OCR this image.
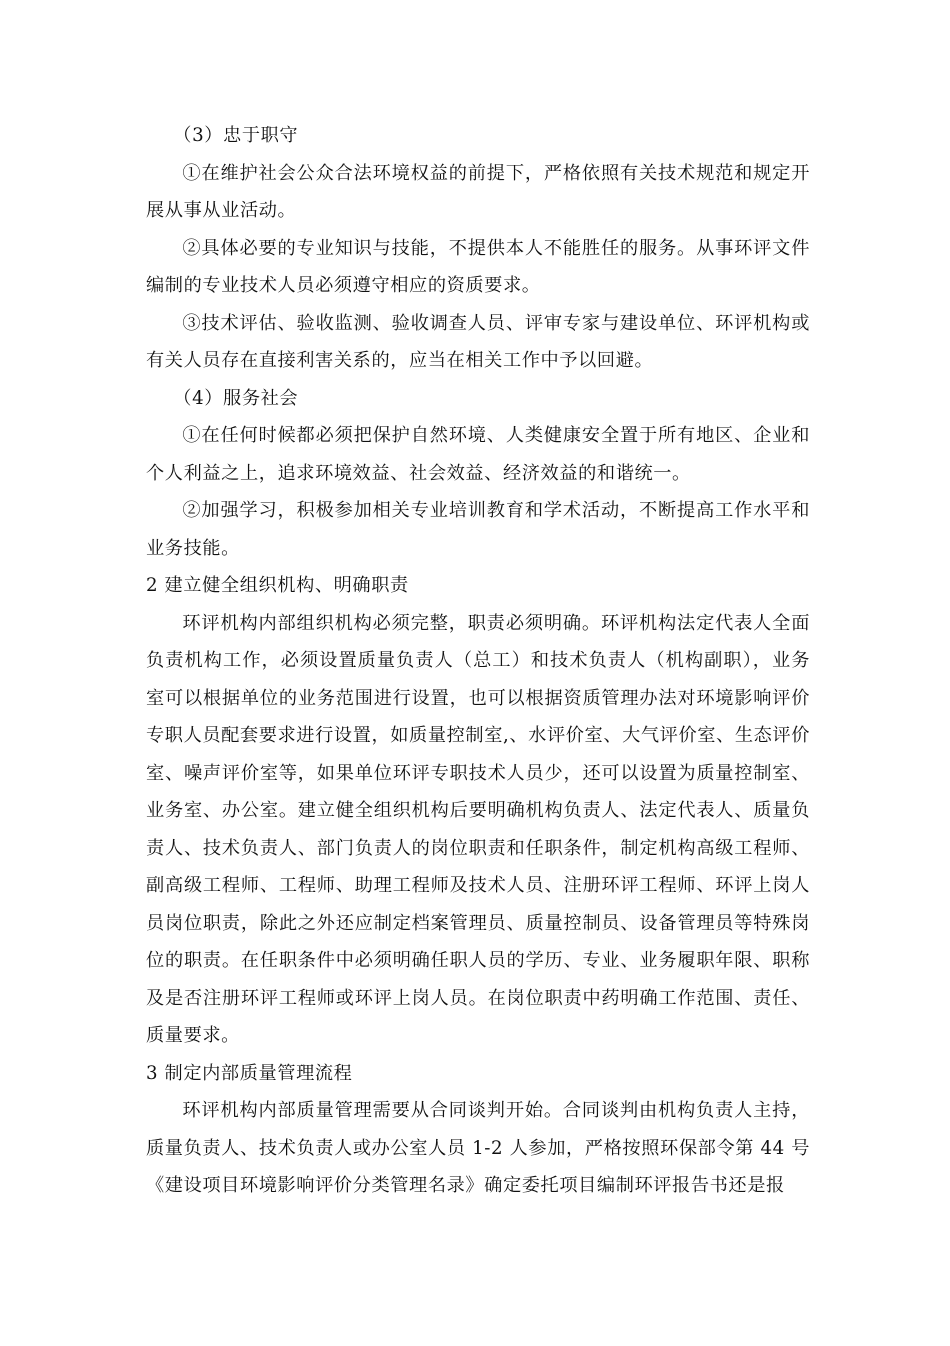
（3）忠于职守

①在维护社会公众合法环境权益的前提下，严格依照有关技术规范和规定开展从事从业活动。

②具体必要的专业知识与技能，不提供本人不能胜任的服务。从事环评文件编制的专业技术人员必须遵守相应的资质要求。

③技术评估、验收监测、验收调查人员、评审专家与建设单位、环评机构或有关人员存在直接利害关系的，应当在相关工作中予以回避。

（4）服务社会

①在任何时候都必须把保护自然环境、人类健康安全置于所有地区、企业和个人利益之上，追求环境效益、社会效益、经济效益的和谐统一。

②加强学习，积极参加相关专业培训教育和学术活动，不断提高工作水平和业务技能。

2 建立健全组织机构、明确职责

环评机构内部组织机构必须完整，职责必须明确。环评机构法定代表人全面负责机构工作，必须设置质量负责人（总工）和技术负责人（机构副职），业务室可以根据单位的业务范围进行设置，也可以根据资质管理办法对环境影响评价专职人员配套要求进行设置，如质量控制室,、水评价室、大气评价室、生态评价室、噪声评价室等，如果单位环评专职技术人员少，还可以设置为质量控制室、业务室、办公室。建立健全组织机构后要明确机构负责人、法定代表人、质量负责人、技术负责人、部门负责人的岗位职责和任职条件，制定机构高级工程师、副高级工程师、工程师、助理工程师及技术人员、注册环评工程师、环评上岗人员岗位职责，除此之外还应制定档案管理员、质量控制员、设备管理员等特殊岗位的职责。在任职条件中必须明确任职人员的学历、专业、业务履职年限、职称及是否注册环评工程师或环评上岗人员。在岗位职责中药明确工作范围、责任、质量要求。

3 制定内部质量管理流程

环评机构内部质量管理需要从合同谈判开始。合同谈判由机构负责人主持，质量负责人、技术负责人或办公室人员 1-2 人参加，严格按照环保部令第 44 号《建设项目环境影响评价分类管理名录》确定委托项目编制环评报告书还是报
